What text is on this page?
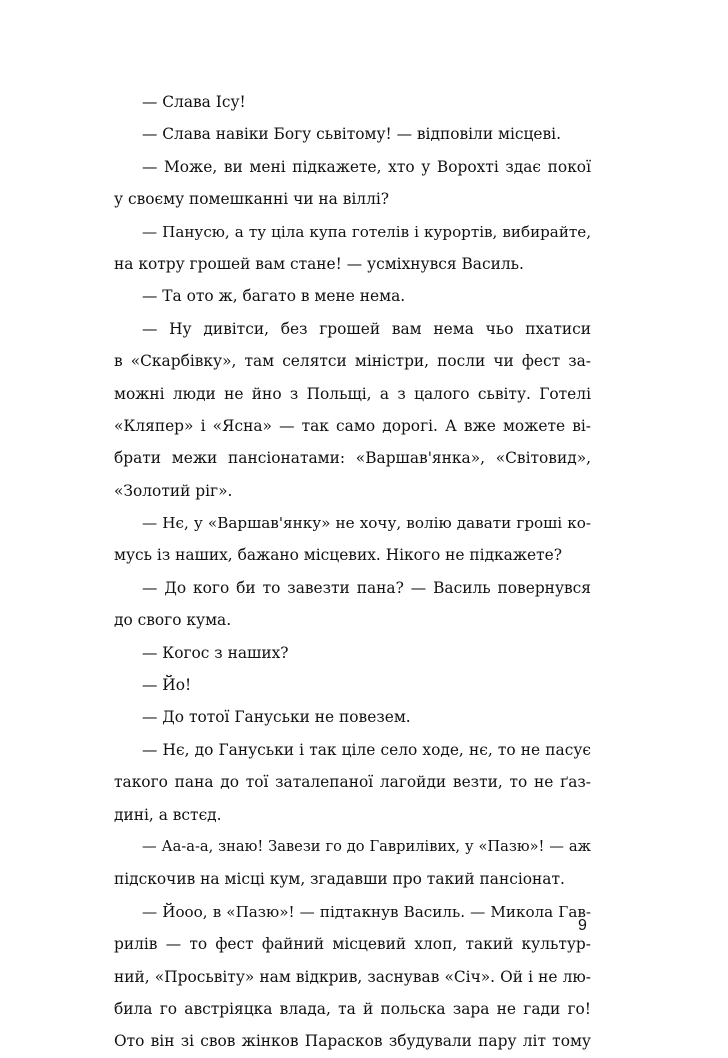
— Слава Ісу!
— Слава навіки Богу сьвітому! — відповіли місцеві.
— Може, ви мені підкажете, хто у Ворохті здає покої
у своєму помешканні чи на віллі?
— Панусю, а ту ціла купа готелів і курортів, вибирайте,
на котру грошей вам стане! — усміхнувся Василь.
— Та ото ж, багато в мене нема.
— Ну дивітси, без грошей вам нема чьо пхатиси
в «Скарбівку», там селятси міністри, посли чи фест за-
можні люди не йно з Польщі, а з цалого сьвіту. Готелі
«Кляпер» і «Ясна» — так само дорогі. А вже можете ві-
брати межи пансіонатами: «Варшав'янка», «Світовид»,
«Золотий ріг».
— Нє, у «Варшав'янку» не хочу, волію давати гроші ко-
мусь із наших, бажано місцевих. Нікого не підкажете?
— До кого би то завезти пана? — Василь повернувся
до свого кума.
— Когос з наших?
— Йо!
— До тотої Гануськи не повезем.
— Нє, до Гануськи і так ціле село ходе, нє, то не пасує
такого пана до тої заталепаної лагойди везти, то не ґаз-
дині, а встєд.
— Аа-а-а, знаю! Завези го до Гаврилівих, у «Пазю»! — аж
підскочив на місці кум, згадавши про такий пансіонат.
— Йооо, в «Пазю»! — підтакнув Василь. — Микола Гав-
рилів — то фест файний місцевий хлоп, такий культур-
ний, «Просьвіту» нам відкрив, заснував «Січ». Ой і не лю-
била го австріяцка влада, та й польска зара не гади го!
Ото він зі свов жінков Парасков збудували пару літ тому
9
